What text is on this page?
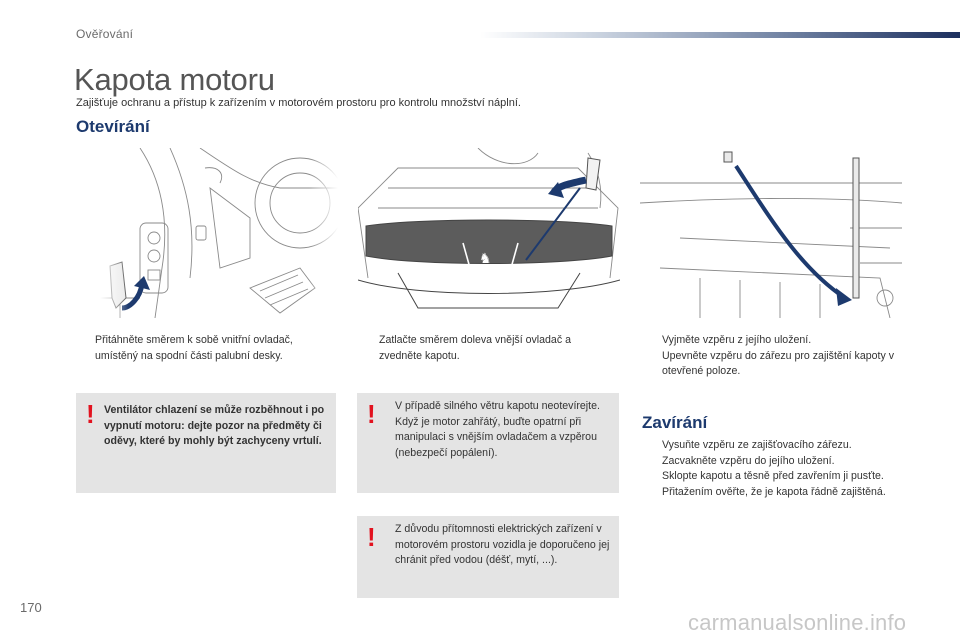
Ověřování
Kapota motoru
Zajišťuje ochranu a přístup k zařízením v motorovém prostoru pro kontrolu množství náplní.
Otevírání
♞
Přitáhněte směrem k sobě vnitřní ovladač, umístěný na spodní části palubní desky.
Zatlačte směrem doleva vnější ovladač a zvedněte kapotu.
Vyjměte vzpěru z jejího uložení.
Upevněte vzpěru do zářezu pro zajištění kapoty v otevřené poloze.
! Ventilátor chlazení se může rozběhnout i po vypnutí motoru: dejte pozor na předměty či oděvy, které by mohly být zachyceny vrtulí.
! V případě silného větru kapotu neotevírejte.

Když je motor zahřátý, buďte opatrní při manipulaci s vnějším ovladačem a vzpěrou (nebezpečí popálení).

! Z důvodu přítomnosti elektrických zařízení v motorovém prostoru vozidla je doporučeno jej chránit před vodou (déšť, mytí, ...).
Zavírání
Vysuňte vzpěru ze zajišťovacího zářezu.
Zacvakněte vzpěru do jejího uložení.
Sklopte kapotu a těsně před zavřením ji pusťte.
Přitažením ověřte, že je kapota řádně zajištěná.
170
carmanualsonline.info
